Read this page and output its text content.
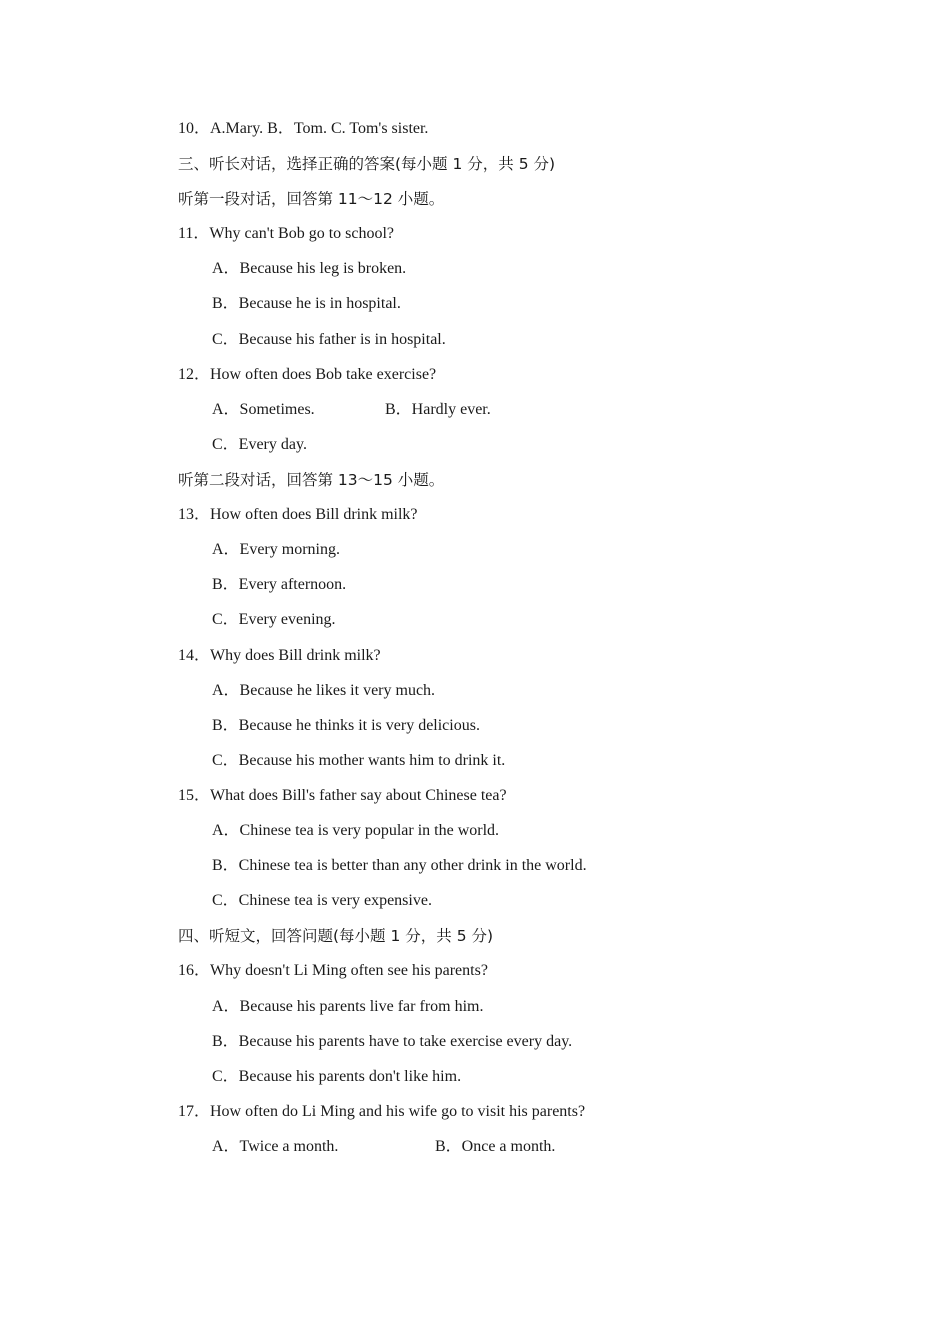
10．A.Mary. B．Tom. C. Tom's sister.
三、听长对话，选择正确的答案(每小题 1 分，共 5 分)
听第一段对话，回答第 11～12 小题。
11．Why can't Bob go to school?
A．Because his leg is broken.
B．Because he is in hospital.
C．Because his father is in hospital.
12．How often does Bob take exercise?
A．Sometimes.	B．Hardly ever.
C．Every day.
听第二段对话，回答第 13～15 小题。
13．How often does Bill drink milk?
A．Every morning.
B．Every afternoon.
C．Every evening.
14．Why does Bill drink milk?
A．Because he likes it very much.
B．Because he thinks it is very delicious.
C．Because his mother wants him to drink it.
15．What does Bill's father say about Chinese tea?
A．Chinese tea is very popular in the world.
B．Chinese tea is better than any other drink in the world.
C．Chinese tea is very expensive.
四、听短文，回答问题(每小题 1 分，共 5 分)
16．Why doesn't Li Ming often see his parents?
A．Because his parents live far from him.
B．Because his parents have to take exercise every day.
C．Because his parents don't like him.
17．How often do Li Ming and his wife go to visit his parents?
A．Twice a month.	B．Once a month.
